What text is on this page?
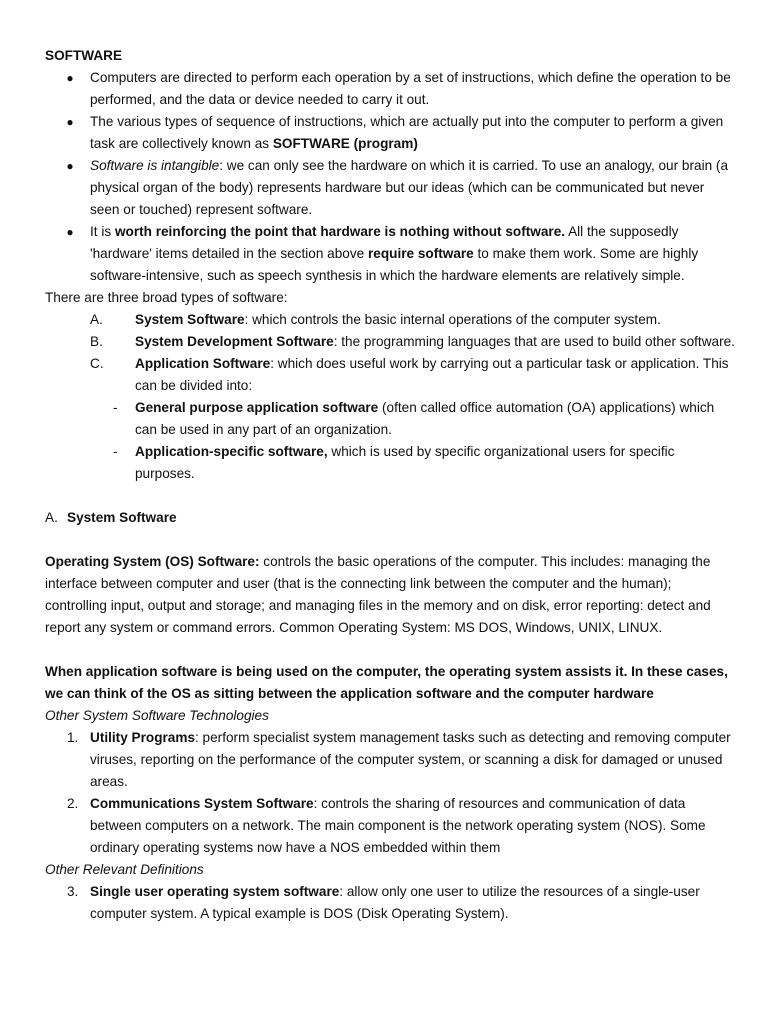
SOFTWARE

● Computers are directed to perform each operation by a set of instructions, which define the operation to be performed, and the data or device needed to carry it out.
● The various types of sequence of instructions, which are actually put into the computer to perform a given task are collectively known as SOFTWARE (program)
● Software is intangible: we can only see the hardware on which it is carried. To use an analogy, our brain (a physical organ of the body) represents hardware but our ideas (which can be communicated but never seen or touched) represent software.
● It is worth reinforcing the point that hardware is nothing without software. All the supposedly 'hardware' items detailed in the section above require software to make them work. Some are highly software-intensive, such as speech synthesis in which the hardware elements are relatively simple.

There are three broad types of software:

A. System Software: which controls the basic internal operations of the computer system.
B. System Development Software: the programming languages that are used to build other software.
C. Application Software: which does useful work by carrying out a particular task or application. This can be divided into:
- General purpose application software (often called office automation (OA) applications) which can be used in any part of an organization.
- Application-specific software, which is used by specific organizational users for specific purposes.

A. System Software

Operating System (OS) Software: controls the basic operations of the computer. This includes: managing the interface between computer and user (that is the connecting link between the computer and the human); controlling input, output and storage; and managing files in the memory and on disk, error reporting: detect and report any system or command errors. Common Operating System: MS DOS, Windows, UNIX, LINUX.

When application software is being used on the computer, the operating system assists it. In these cases, we can think of the OS as sitting between the application software and the computer hardware

Other System Software Technologies

1. Utility Programs: perform specialist system management tasks such as detecting and removing computer viruses, reporting on the performance of the computer system, or scanning a disk for damaged or unused areas.
2. Communications System Software: controls the sharing of resources and communication of data between computers on a network. The main component is the network operating system (NOS). Some ordinary operating systems now have a NOS embedded within them

Other Relevant Definitions

3. Single user operating system software: allow only one user to utilize the resources of a single-user computer system. A typical example is DOS (Disk Operating System).
